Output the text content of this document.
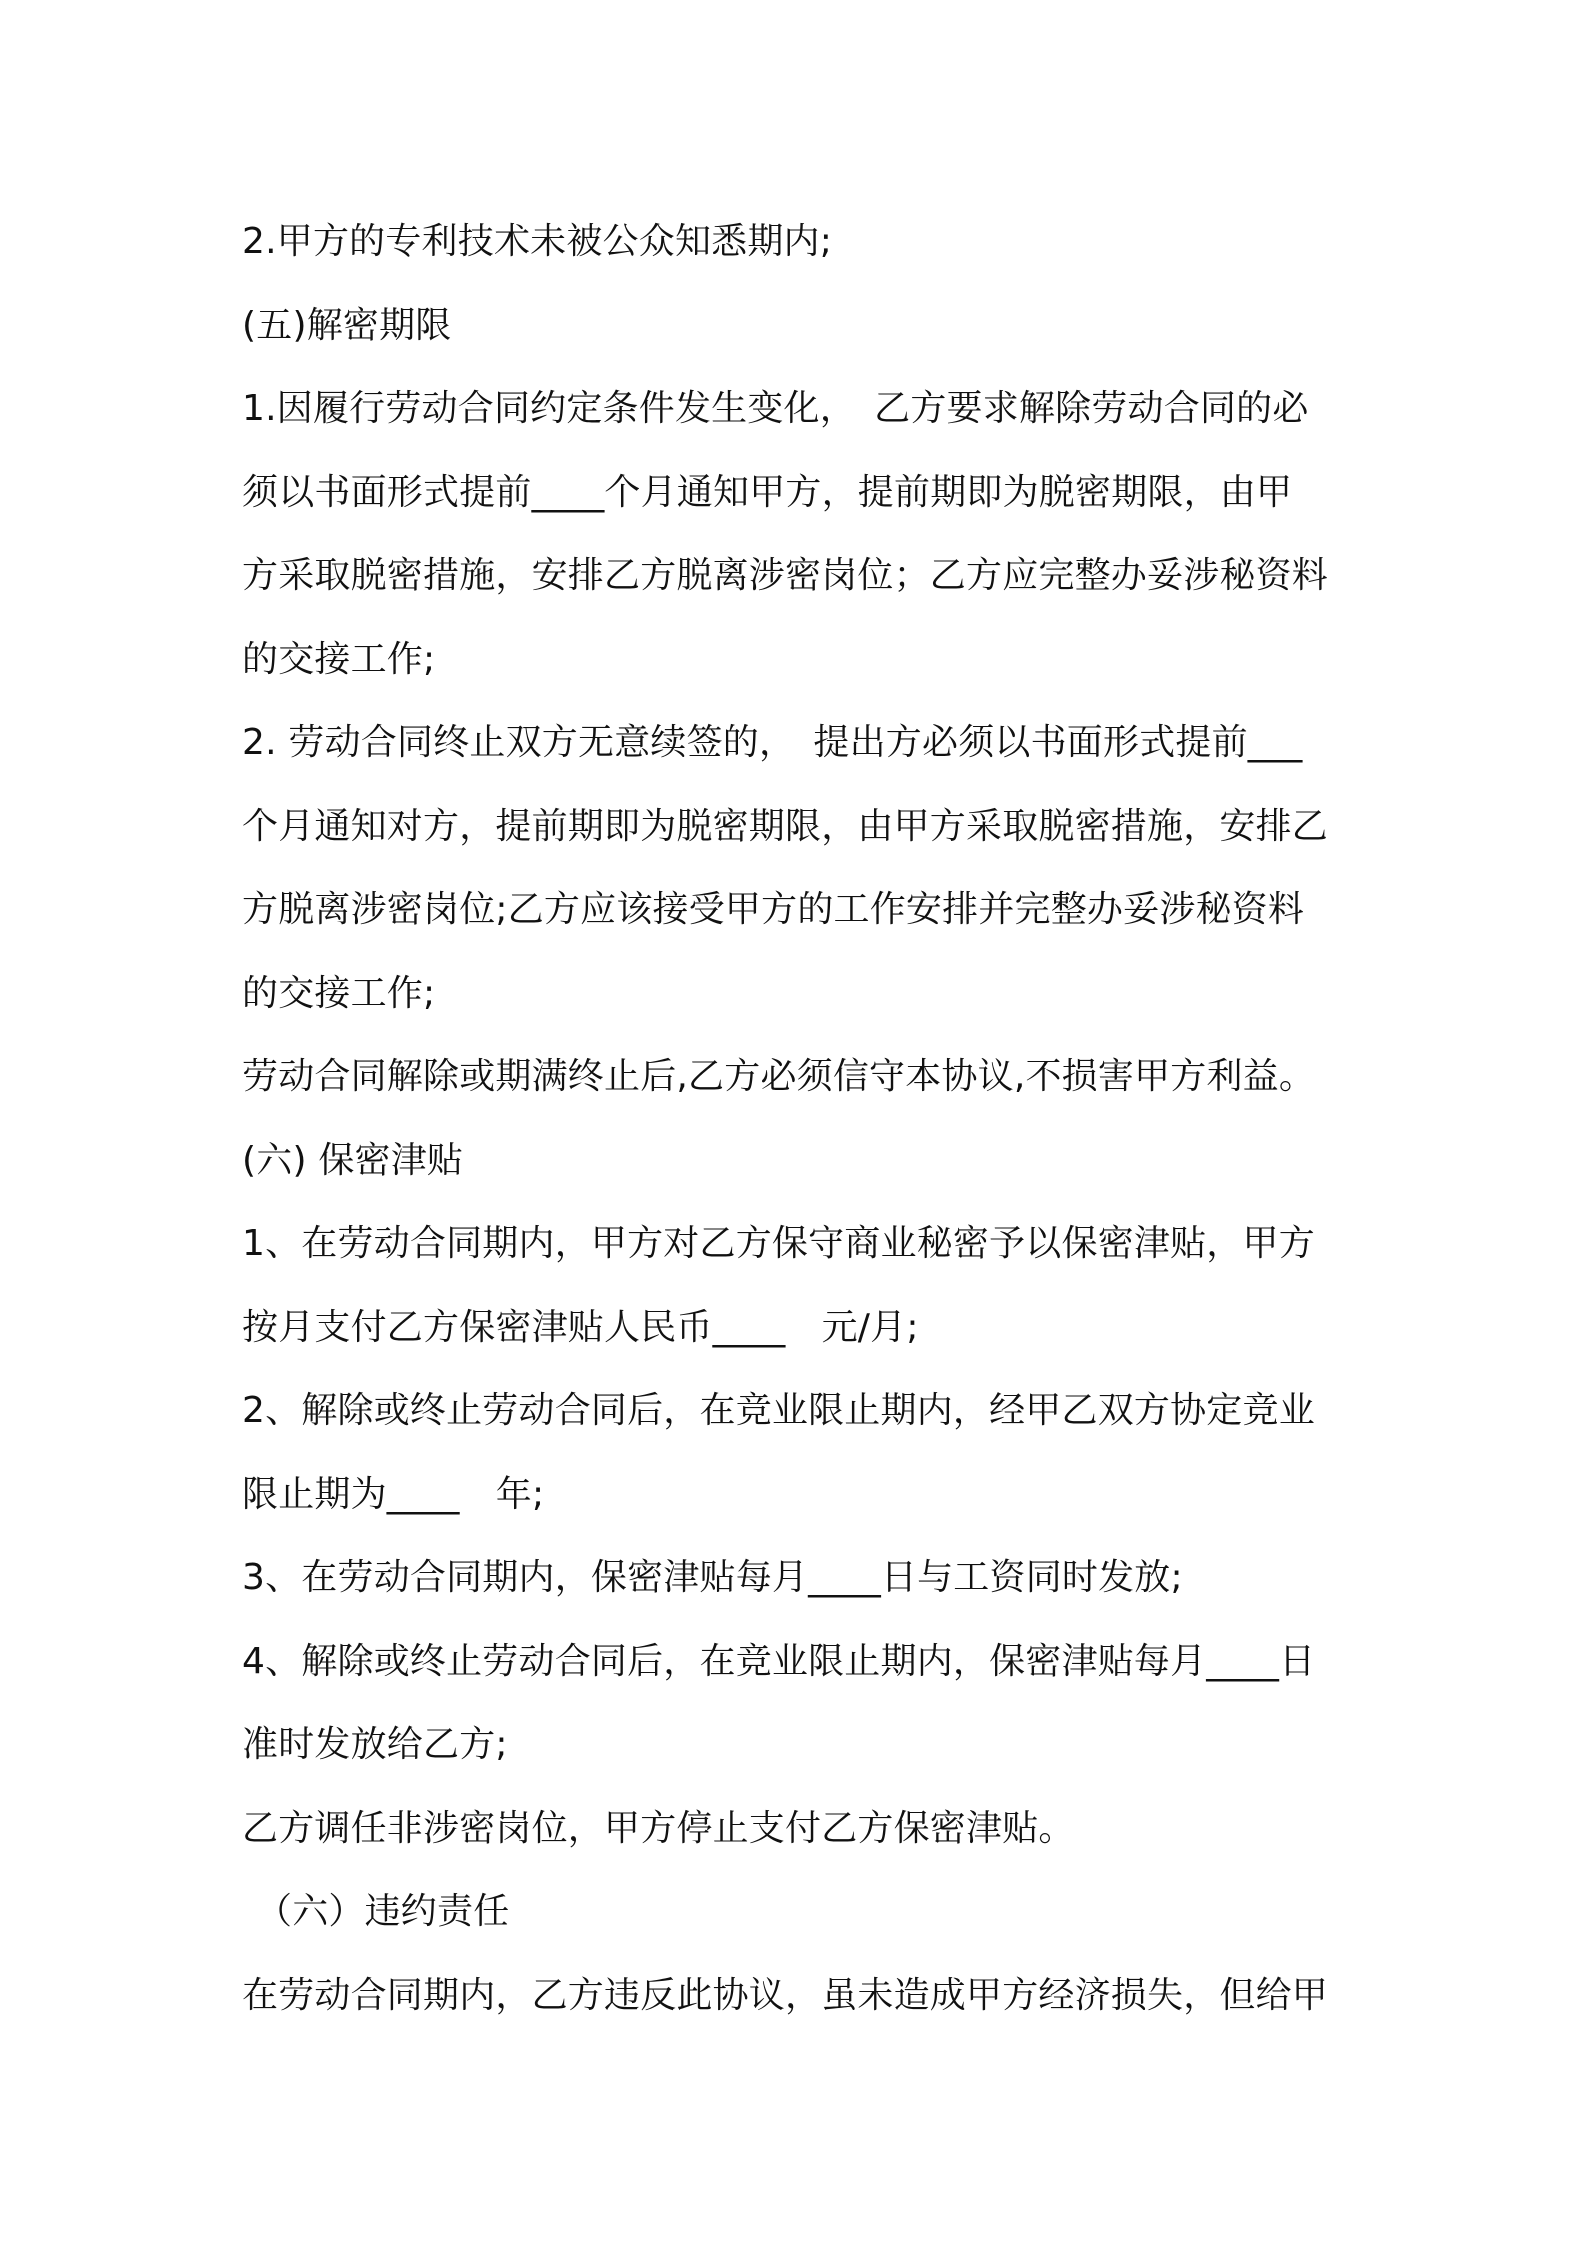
2.甲方的专利技术未被公众知悉期内;

(五)解密期限

1.因履行劳动合同约定条件发生变化，　乙方要求解除劳动合同的必

须以书面形式提前____个月通知甲方，提前期即为脱密期限，由甲

方采取脱密措施，安排乙方脱离涉密岗位；乙方应完整办妥涉秘资料

的交接工作;

2. 劳动合同终止双方无意续签的，　提出方必须以书面形式提前___

个月通知对方，提前期即为脱密期限，由甲方采取脱密措施，安排乙

方脱离涉密岗位;乙方应该接受甲方的工作安排并完整办妥涉秘资料

的交接工作;

劳动合同解除或期满终止后,乙方必须信守本协议,不损害甲方利益。

(六) 保密津贴

1、在劳动合同期内，甲方对乙方保守商业秘密予以保密津贴，甲方

按月支付乙方保密津贴人民币____　元/月;

2、解除或终止劳动合同后，在竞业限止期内，经甲乙双方协定竞业

限止期为____　年;

3、在劳动合同期内，保密津贴每月____日与工资同时发放;

4、解除或终止劳动合同后，在竞业限止期内，保密津贴每月____日

准时发放给乙方;

乙方调任非涉密岗位，甲方停止支付乙方保密津贴。

（六）违约责任

在劳动合同期内，乙方违反此协议，虽未造成甲方经济损失，但给甲
